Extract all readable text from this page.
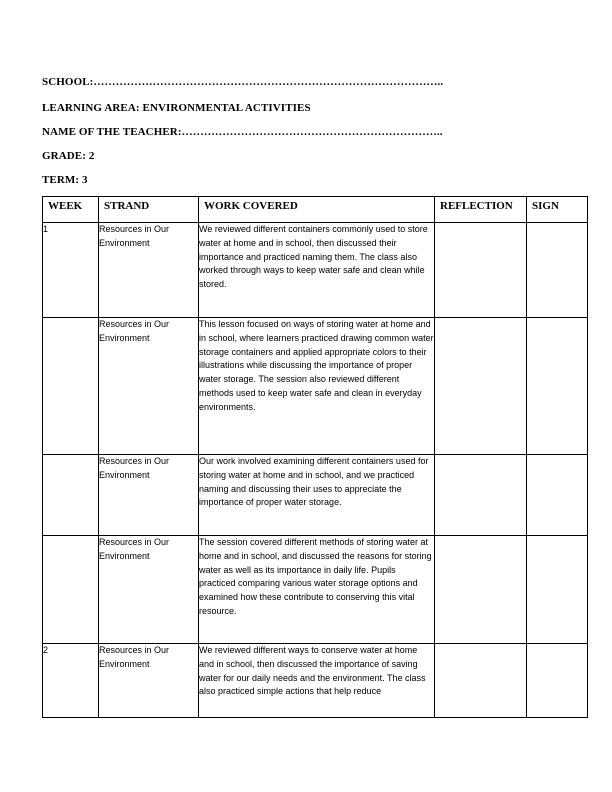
SCHOOL:…………………………………………………………………………………..
LEARNING AREA: ENVIRONMENTAL ACTIVITIES
NAME OF THE TEACHER:……………………………………………………………..
GRADE: 2
TERM: 3
WEEK	STRAND	WORK COVERED	REFLECTION	SIGN
1	Resources in Our Environment	We reviewed different containers commonly used to store water at home and in school, then discussed their importance and practiced naming them. The class also worked through ways to keep water safe and clean while stored.		
	Resources in Our Environment	This lesson focused on ways of storing water at home and in school, where learners practiced drawing common water storage containers and applied appropriate colors to their illustrations while discussing the importance of proper water storage. The session also reviewed different methods used to keep water safe and clean in everyday environments.		
	Resources in Our Environment	Our work involved examining different containers used for storing water at home and in school, and we practiced naming and discussing their uses to appreciate the importance of proper water storage.		
	Resources in Our Environment	The session covered different methods of storing water at home and in school, and discussed the reasons for storing water as well as its importance in daily life. Pupils practiced comparing various water storage options and examined how these contribute to conserving this vital resource.		
2	Resources in Our Environment	We reviewed different ways to conserve water at home and in school, then discussed the importance of saving water for our daily needs and the environment. The class also practiced simple actions that help reduce		
